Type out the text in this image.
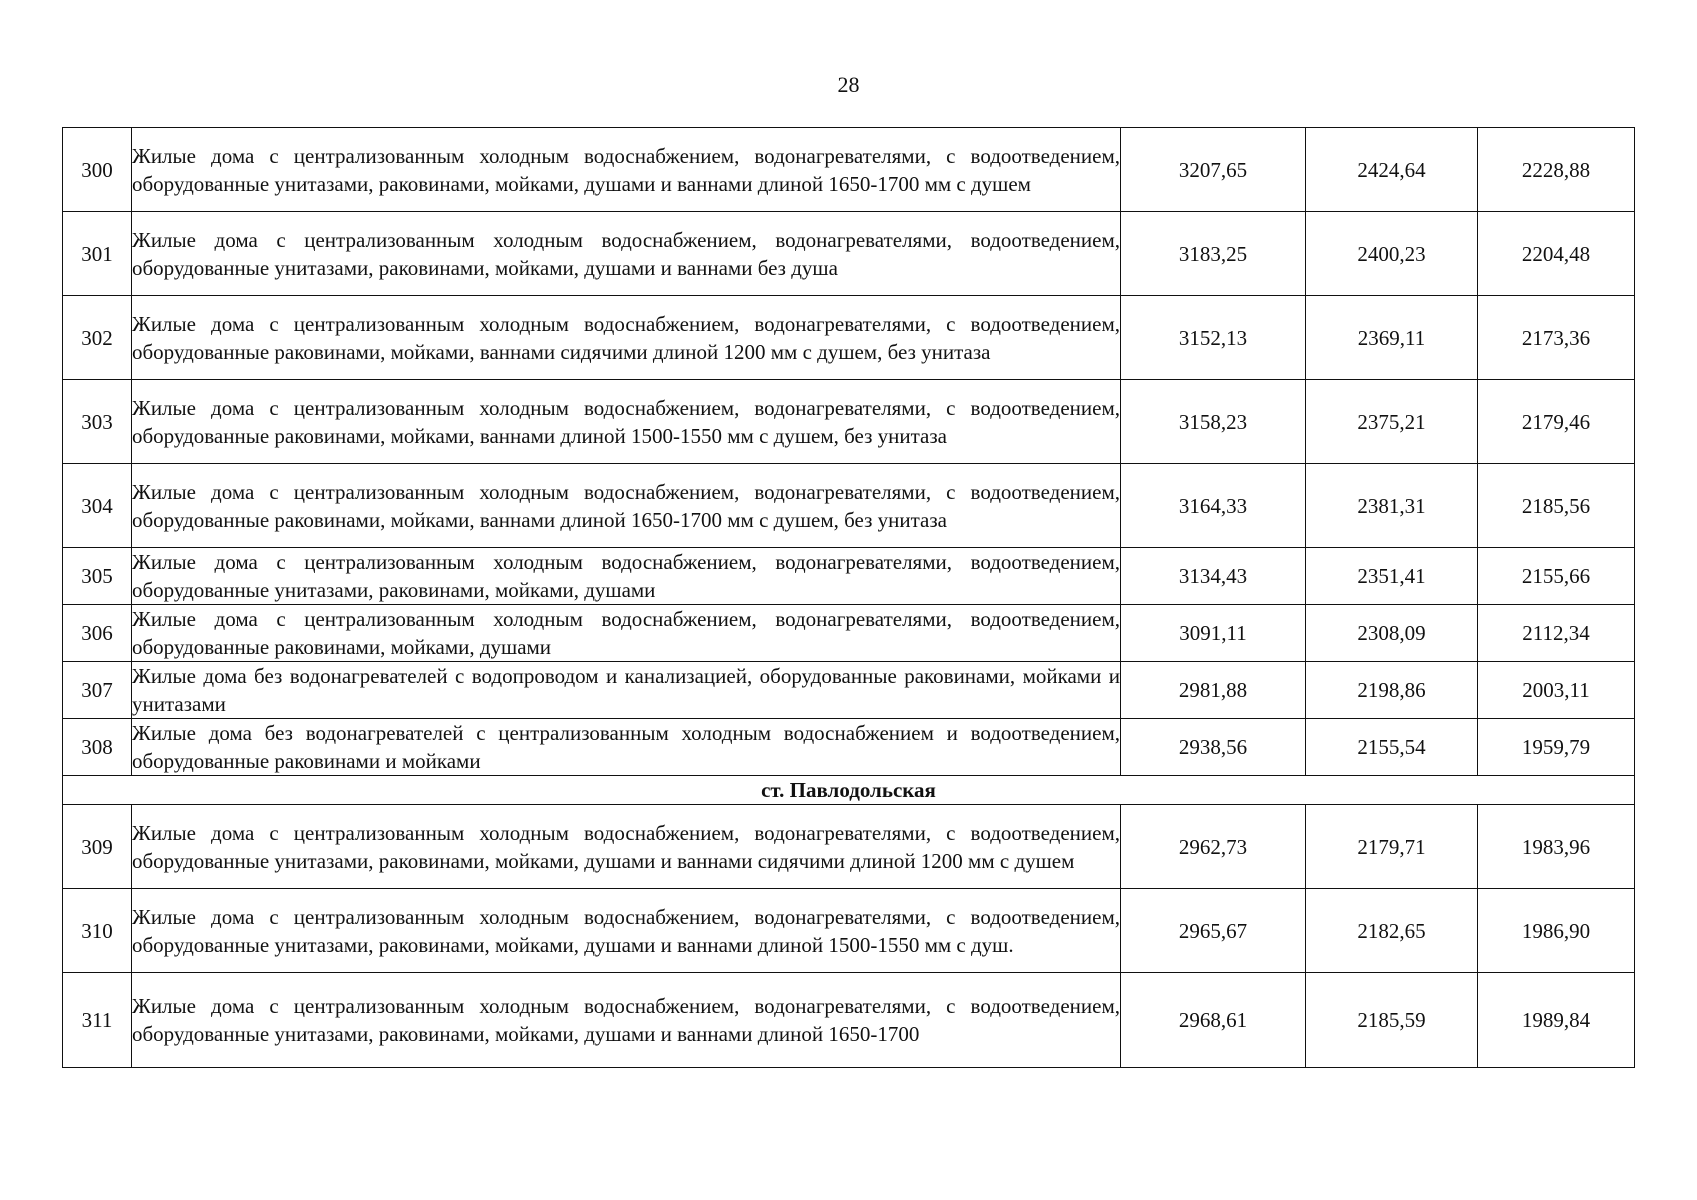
28
300	Жилые дома с централизованным холодным водоснабжением, водонагревателями, с водоотведением, оборудованные унитазами, раковинами, мойками, душами и ваннами длиной 1650-1700 мм с душем	3207,65	2424,64	2228,88
301	Жилые дома с централизованным холодным водоснабжением, водонагревателями, водоотведением, оборудованные унитазами, раковинами, мойками, душами и ваннами без душа	3183,25	2400,23	2204,48
302	Жилые дома с централизованным холодным водоснабжением, водонагревателями, с водоотведением, оборудованные раковинами, мойками, ваннами сидячими длиной 1200 мм с душем, без унитаза	3152,13	2369,11	2173,36
303	Жилые дома с централизованным холодным водоснабжением, водонагревателями, с водоотведением, оборудованные раковинами, мойками, ваннами длиной 1500-1550 мм с душем, без унитаза	3158,23	2375,21	2179,46
304	Жилые дома с централизованным холодным водоснабжением, водонагревателями, с водоотведением, оборудованные раковинами, мойками, ваннами длиной 1650-1700 мм с душем, без унитаза	3164,33	2381,31	2185,56
305	Жилые дома с централизованным холодным водоснабжением, водонагревателями, водоотведением, оборудованные унитазами, раковинами, мойками, душами	3134,43	2351,41	2155,66
306	Жилые дома с централизованным холодным водоснабжением, водонагревателями, водоотведением, оборудованные раковинами, мойками, душами	3091,11	2308,09	2112,34
307	Жилые дома без водонагревателей с водопроводом и канализацией, оборудованные раковинами, мойками и унитазами	2981,88	2198,86	2003,11
308	Жилые дома без водонагревателей с централизованным холодным водоснабжением и водоотведением, оборудованные раковинами и мойками	2938,56	2155,54	1959,79
ст. Павлодольская				
309	Жилые дома с централизованным холодным водоснабжением, водонагревателями, с водоотведением, оборудованные унитазами, раковинами, мойками, душами и ваннами сидячими длиной 1200 мм с душем	2962,73	2179,71	1983,96
310	Жилые дома с централизованным холодным водоснабжением, водонагревателями, с водоотведением, оборудованные унитазами, раковинами, мойками, душами и ваннами длиной 1500-1550 мм с душ.	2965,67	2182,65	1986,90
311	Жилые дома с централизованным холодным водоснабжением, водонагревателями, с водоотведением, оборудованные унитазами, раковинами, мойками, душами и ваннами длиной 1650-1700	2968,61	2185,59	1989,84
